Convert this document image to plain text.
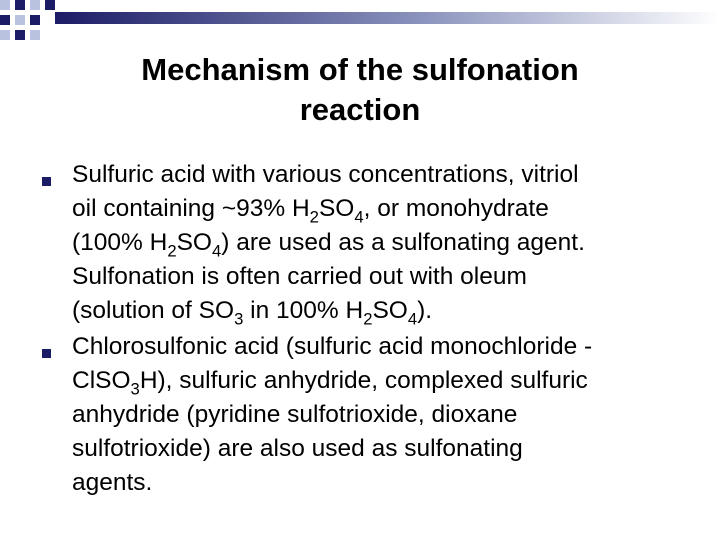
Mechanism of the sulfonation
reaction
Sulfuric acid with various concentrations, vitriol
oil containing ~93% $H_2SO_4$, or monohydrate
(100% $H_2SO_4$) are used as a sulfonating agent.
Sulfonation is often carried out with oleum
(solution of $SO_3$ in 100% $H_2SO_4$).
Chlorosulfonic acid (sulfuric acid monochloride -
ClSO$_3$H), sulfuric anhydride, complexed sulfuric
anhydride (pyridine sulfotrioxide, dioxane
sulfotrioxide) are also used as sulfonating
agents.
